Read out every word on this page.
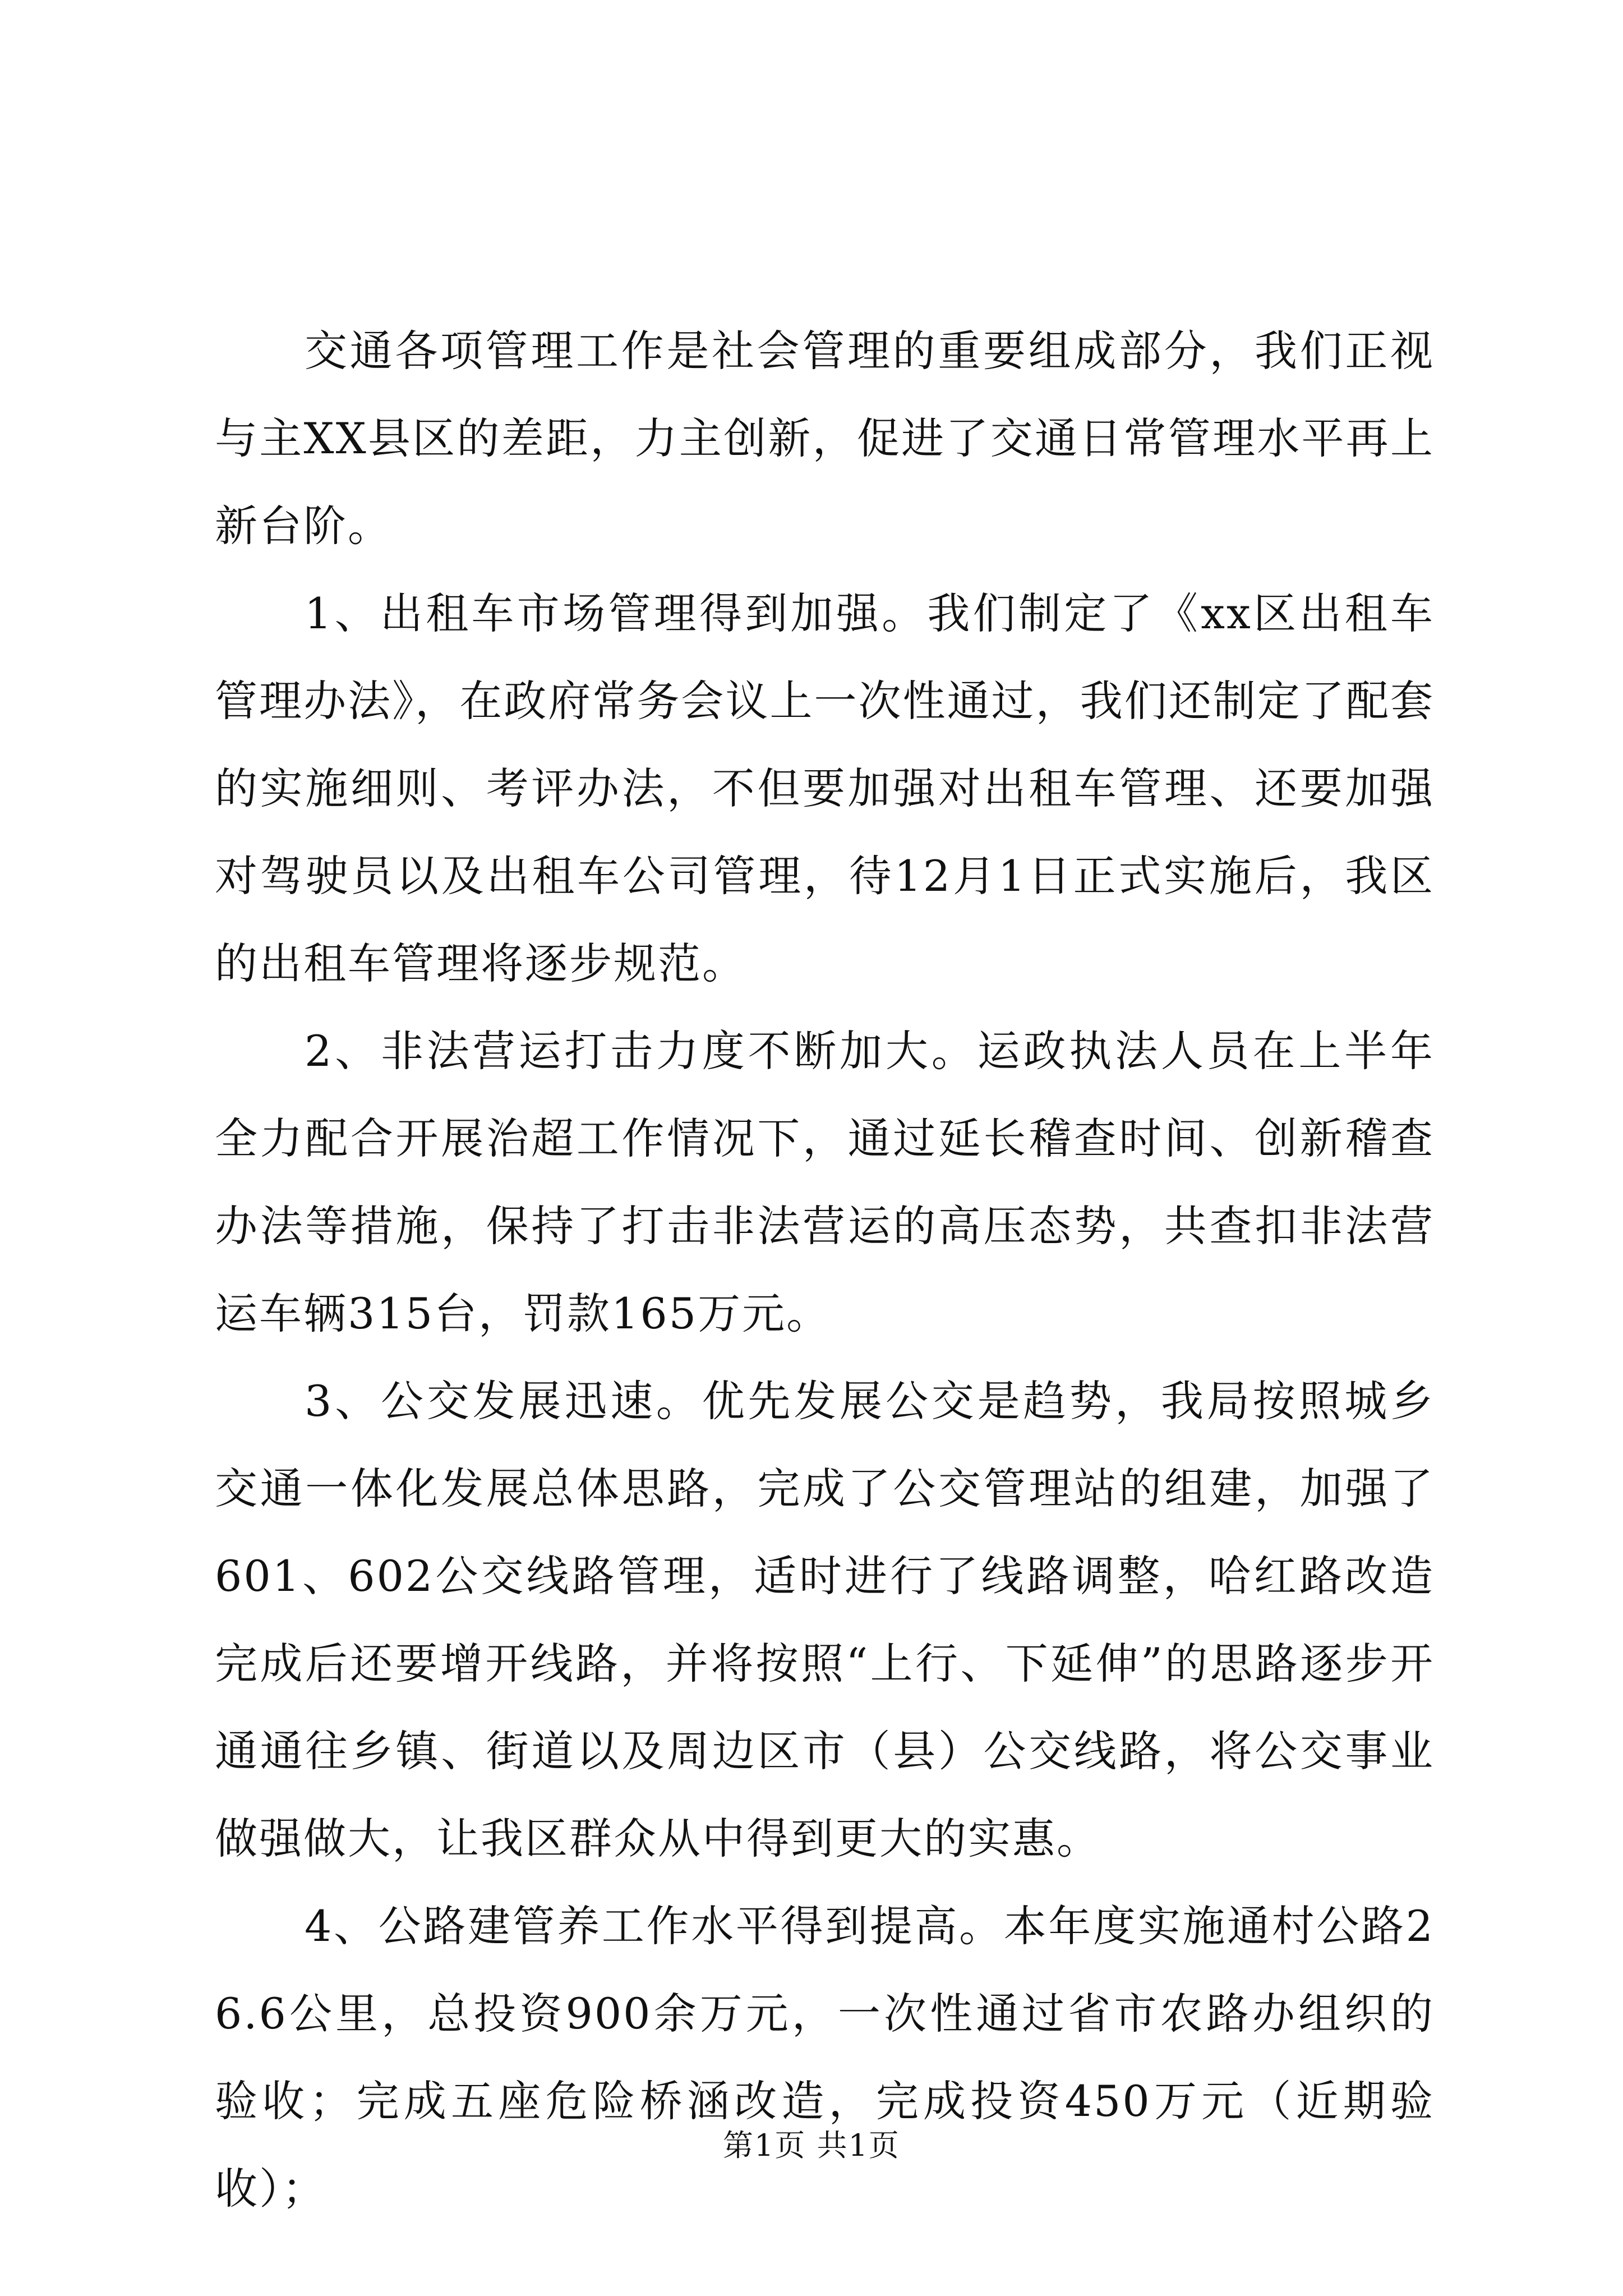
交通各项管理工作是社会管理的重要组成部分，我们正视与主XX县区的差距，力主创新，促进了交通日常管理水平再上新台阶。

1、出租车市场管理得到加强。我们制定了《xx区出租车管理办法》，在政府常务会议上一次性通过，我们还制定了配套的实施细则、考评办法，不但要加强对出租车管理、还要加强对驾驶员以及出租车公司管理，待12月1日正式实施后，我区的出租车管理将逐步规范。

2、非法营运打击力度不断加大。运政执法人员在上半年全力配合开展治超工作情况下，通过延长稽查时间、创新稽查办法等措施，保持了打击非法营运的高压态势，共查扣非法营运车辆315台，罚款165万元。

3、公交发展迅速。优先发展公交是趋势，我局按照城乡交通一体化发展总体思路，完成了公交管理站的组建，加强了601、602公交线路管理，适时进行了线路调整，哈红路改造完成后还要增开线路，并将按照“上行、下延伸”的思路逐步开通通往乡镇、街道以及周边区市（县）公交线路，将公交事业做强做大，让我区群众从中得到更大的实惠。

4、公路建管养工作水平得到提高。本年度实施通村公路26.6公里，总投资900余万元，一次性通过省市农路办组织的验收；完成五座危险桥涵改造，完成投资450万元（近期验收）；

第1页 共1页
